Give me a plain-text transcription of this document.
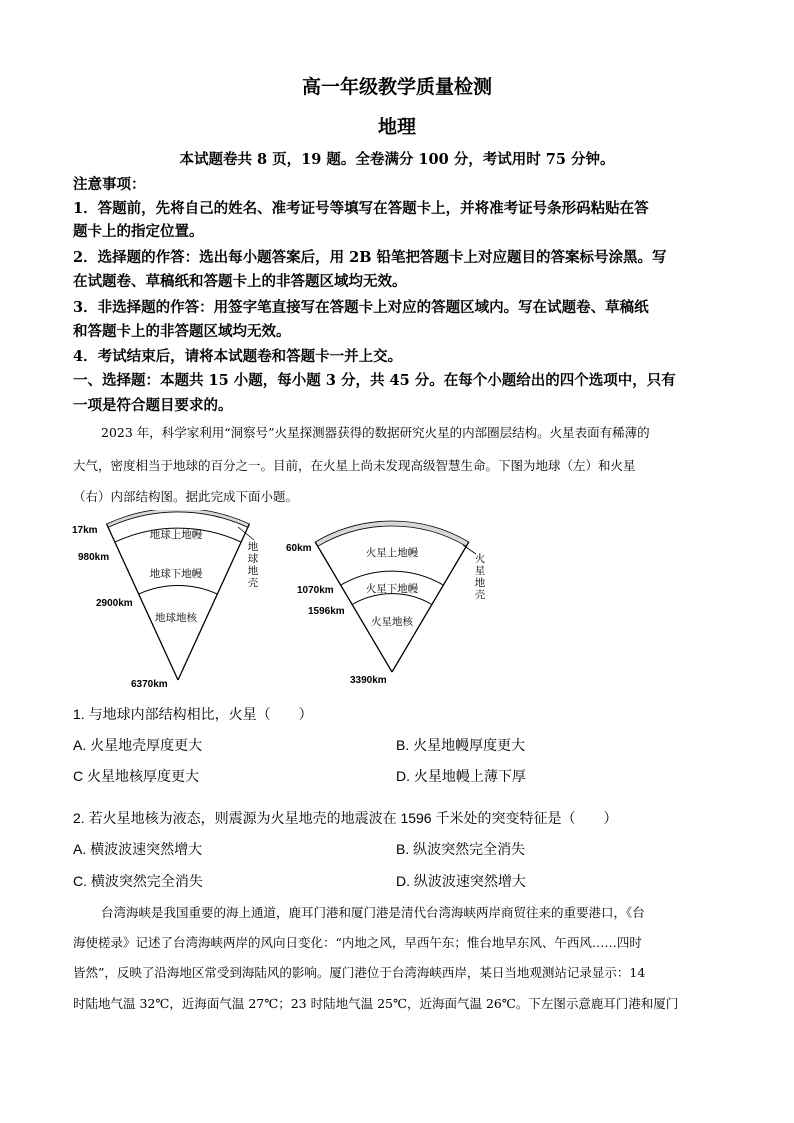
高一年级教学质量检测
地理
本试题卷共 8 页，19 题。全卷满分 100 分，考试用时 75 分钟。
注意事项：
1．答题前，先将自己的姓名、准考证号等填写在答题卡上，并将准考证号条形码粘贴在答
题卡上的指定位置。
2．选择题的作答：选出每小题答案后，用 2B 铅笔把答题卡上对应题目的答案标号涂黑。写
在试题卷、草稿纸和答题卡上的非答题区域均无效。
3．非选择题的作答：用签字笔直接写在答题卡上对应的答题区域内。写在试题卷、草稿纸
和答题卡上的非答题区域均无效。
4．考试结束后，请将本试题卷和答题卡一并上交。
一、选择题：本题共 15 小题，每小题 3 分，共 45 分。在每个小题给出的四个选项中，只有
一项是符合题目要求的。
2023 年，科学家利用“洞察号”火星探测器获得的数据研究火星的内部圈层结构。火星表面有稀薄的
大气，密度相当于地球的百分之一。目前，在火星上尚未发现高级智慧生命。下图为地球（左）和火星
（右）内部结构图。据此完成下面小题。
17km
980km
2900km
6370km
地球上地幔
地球下地幔
地球地核
地
球
地
壳
60km
1070km
1596km
3390km
火星上地幔
火星下地幔
火星地核
火
星
地
壳
1. 与地球内部结构相比，火星（　　）
A. 火星地壳厚度更大	B. 火星地幔厚度更大
C 火星地核厚度更大	D. 火星地幔上薄下厚
2. 若火星地核为液态，则震源为火星地壳的地震波在 1596 千米处的突变特征是（　　）
A. 横波波速突然增大	B. 纵波突然完全消失
C. 横波突然完全消失	D. 纵波波速突然增大
台湾海峡是我国重要的海上通道，鹿耳门港和厦门港是清代台湾海峡两岸商贸往来的重要港口，《台
海使槎录》记述了台湾海峡两岸的风向日变化：“内地之风，早西午东；惟台地早东风、午西风……四时
皆然”，反映了沿海地区常受到海陆风的影响。厦门港位于台湾海峡西岸，某日当地观测站记录显示：14
时陆地气温 32℃，近海面气温 27℃；23 时陆地气温 25℃，近海面气温 26℃。下左图示意鹿耳门港和厦门
